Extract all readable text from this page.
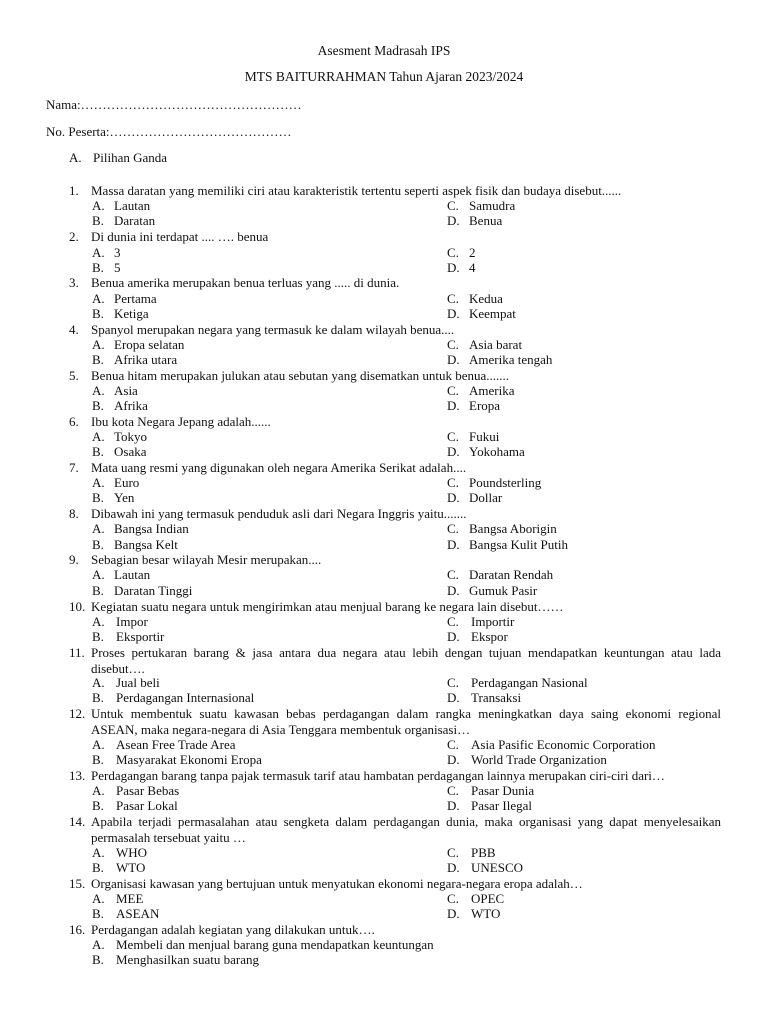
Asesment Madrasah IPS
MTS BAITURRAHMAN Tahun Ajaran 2023/2024
Nama:……………………………………………
No. Peserta:……………………………………
A. Pilihan Ganda
1. Massa daratan yang memiliki ciri atau karakteristik tertentu seperti aspek fisik dan budaya disebut......
A. Lautan
B. Daratan
C. Samudra
D. Benua
2. Di dunia ini terdapat .... …. benua
A. 3
B. 5
C. 2
D. 4
3. Benua amerika merupakan benua terluas yang ..... di dunia.
A. Pertama
B. Ketiga
C. Kedua
D. Keempat
4. Spanyol merupakan negara yang termasuk ke dalam wilayah benua....
A. Eropa selatan
B. Afrika utara
C. Asia barat
D. Amerika tengah
5. Benua hitam merupakan julukan atau sebutan yang disematkan untuk benua.......
A. Asia
B. Afrika
C. Amerika
D. Eropa
6. Ibu kota Negara Jepang adalah......
A. Tokyo
B. Osaka
C. Fukui
D. Yokohama
7. Mata uang resmi yang digunakan oleh negara Amerika Serikat adalah....
A. Euro
B. Yen
C. Poundsterling
D. Dollar
8. Dibawah ini yang termasuk penduduk asli dari Negara Inggris yaitu.......
A. Bangsa Indian
B. Bangsa Kelt
C. Bangsa Aborigin
D. Bangsa Kulit Putih
9. Sebagian besar wilayah Mesir merupakan....
A. Lautan
B. Daratan Tinggi
C. Daratan Rendah
D. Gumuk Pasir
10. Kegiatan suatu negara untuk mengirimkan atau menjual barang ke negara lain disebut……
A. Impor
B. Eksportir
C. Importir
D. Ekspor
11. Proses pertukaran barang & jasa antara dua negara atau lebih dengan tujuan mendapatkan keuntungan atau lada disebut….
A. Jual beli
B. Perdagangan Internasional
C. Perdagangan Nasional
D. Transaksi
12. Untuk membentuk suatu kawasan bebas perdagangan dalam rangka meningkatkan daya saing ekonomi regional ASEAN, maka negara-negara di Asia Tenggara membentuk organisasi…
A. Asean Free Trade Area
B. Masyarakat Ekonomi Eropa
C. Asia Pasific Economic Corporation
D. World Trade Organization
13. Perdagangan barang tanpa pajak termasuk tarif atau hambatan perdagangan lainnya merupakan ciri-ciri dari…
A. Pasar Bebas
B. Pasar Lokal
C. Pasar Dunia
D. Pasar Ilegal
14. Apabila terjadi permasalahan atau sengketa dalam perdagangan dunia, maka organisasi yang dapat menyelesaikan permasalah tersebuat yaitu …
A. WHO
B. WTO
C. PBB
D. UNESCO
15. Organisasi kawasan yang bertujuan untuk menyatukan ekonomi negara-negara eropa adalah…
A. MEE
B. ASEAN
C. OPEC
D. WTO
16. Perdagangan adalah kegiatan yang dilakukan untuk….
A. Membeli dan menjual barang guna mendapatkan keuntungan
B. Menghasilkan suatu barang
